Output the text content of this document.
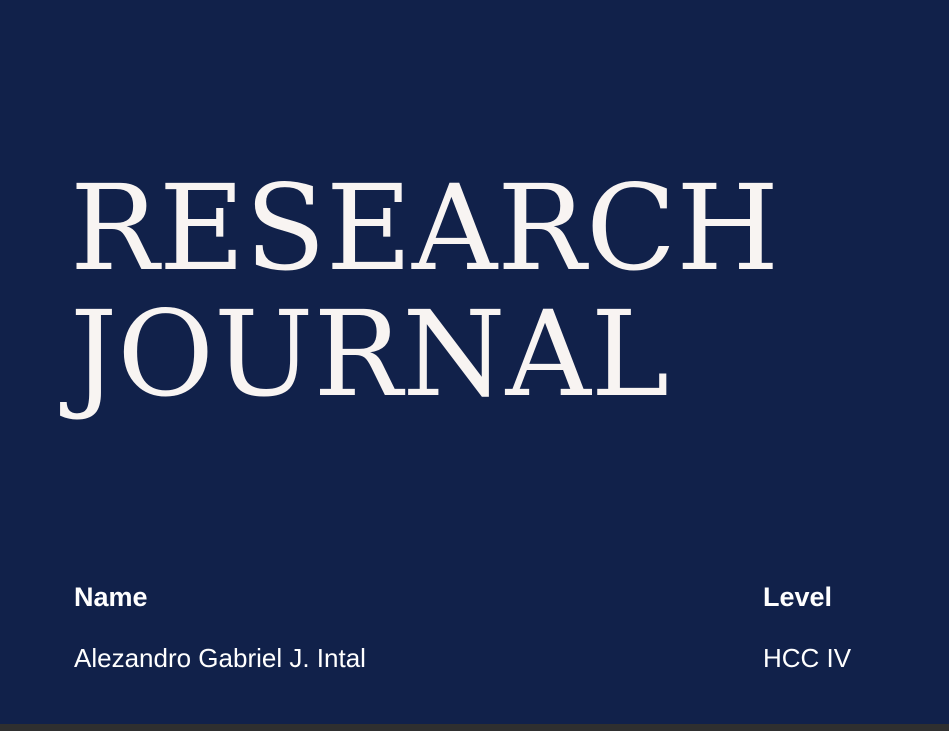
RESEARCH
JOURNAL
Name
Alezandro Gabriel J. Intal
Level
HCC IV
